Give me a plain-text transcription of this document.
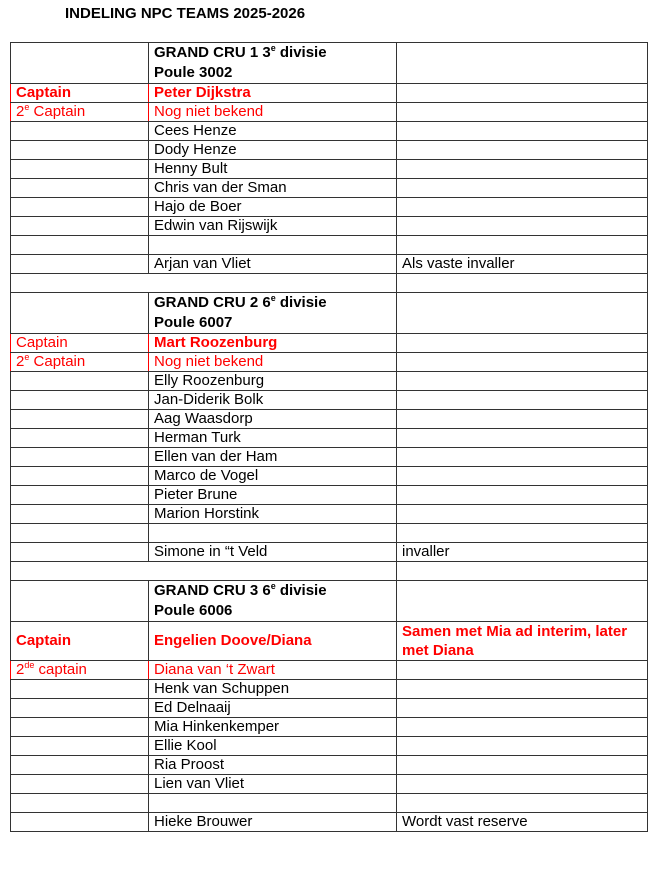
INDELING NPC TEAMS 2025-2026
	GRAND CRU 1 3e divisie
Poule 3002	
Captain	Peter Dijkstra	
2e Captain	Nog niet bekend	
	Cees Henze	
	Dody Henze	
	Henny Bult	
	Chris van der Sman	
	Hajo de Boer	
	Edwin van Rijswijk	

	Arjan van Vliet	Als vaste invaller

	GRAND CRU 2 6e divisie
Poule 6007	
Captain	Mart Roozenburg	
2e Captain	Nog niet bekend	
	Elly Roozenburg	
	Jan-Diderik Bolk	
	Aag Waasdorp	
	Herman Turk	
	Ellen van der Ham	
	Marco de Vogel	
	Pieter Brune	
	Marion Horstink	

	Simone in “t Veld	invaller

	GRAND CRU 3 6e divisie
Poule 6006	
Captain	Engelien Doove/Diana	Samen met Mia ad interim, later met Diana
2de captain	Diana van ‘t Zwart	
	Henk van Schuppen	
	Ed Delnaaij	
	Mia Hinkenkemper	
	Ellie Kool	
	Ria Proost	
	Lien van Vliet	

	Hieke Brouwer	Wordt vast reserve
